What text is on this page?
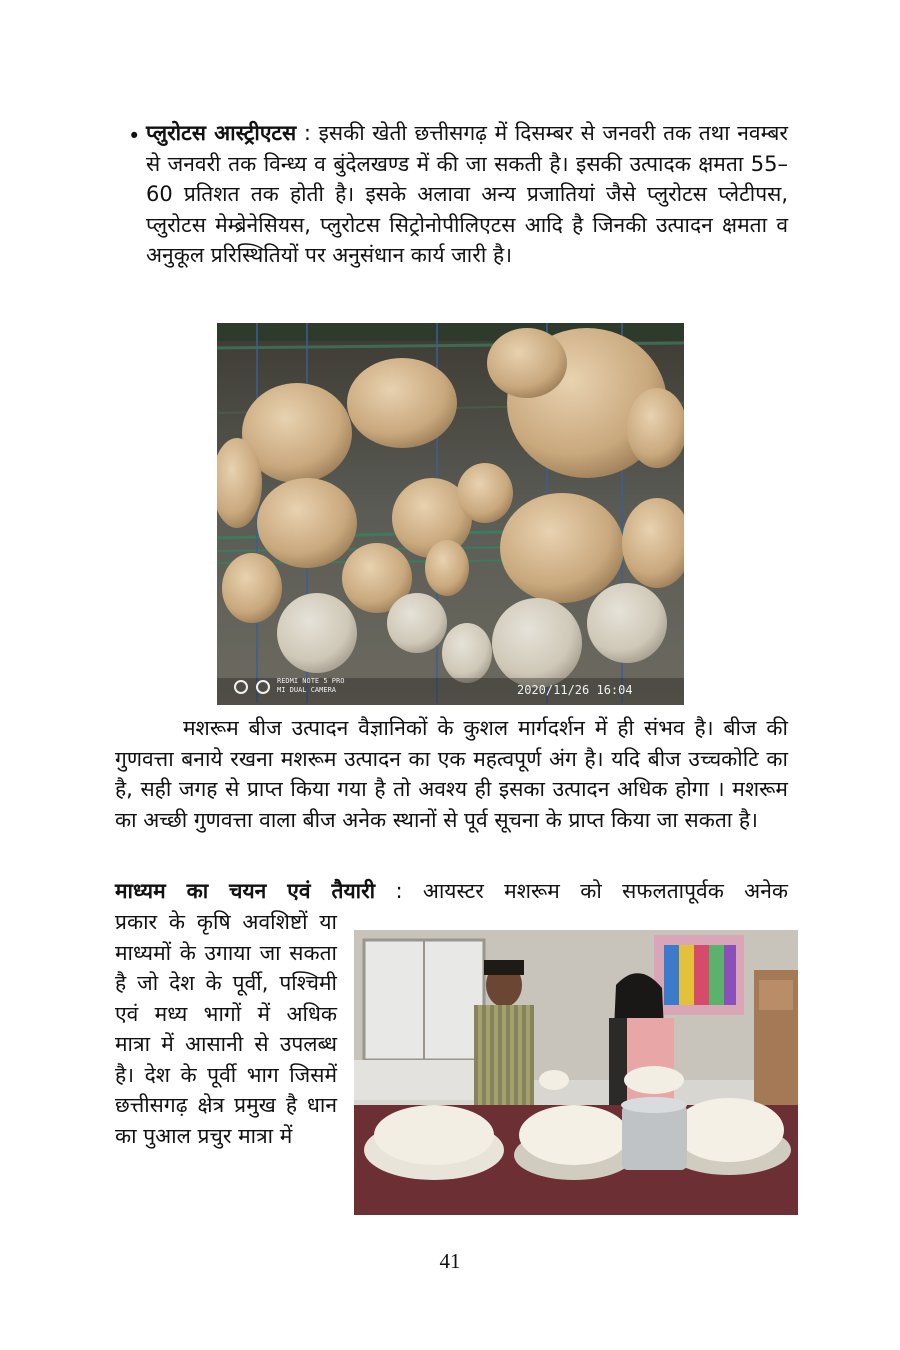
• प्लुरोटस आस्ट्रीएटस : इसकी खेती छत्तीसगढ़ में दिसम्बर से जनवरी तक तथा नवम्बर से जनवरी तक विन्ध्य व बुंदेलखण्ड में की जा सकती है। इसकी उत्पादक क्षमता 55–60 प्रतिशत तक होती है। इसके अलावा अन्य प्रजातियां जैसे प्लुरोटस प्लेटीपस, प्लुरोटस मेम्ब्रेनेसियस, प्लुरोटस सिट्रोनोपीलिएटस आदि है जिनकी उत्पादन क्षमता व अनुकूल प्ररिस्थितियों पर अनुसंधान कार्य जारी है।

REDMI NOTE 5 PRO
MI DUAL CAMERA	2020/11/26 16:04

मशरूम बीज उत्पादन वैज्ञानिकों के कुशल मार्गदर्शन में ही संभव है। बीज की गुणवत्ता बनाये रखना मशरूम उत्पादन का एक महत्वपूर्ण अंग है। यदि बीज उच्चकोटि का है, सही जगह से प्राप्त किया गया है तो अवश्य ही इसका उत्पादन अधिक होगा । मशरूम का अच्छी गुणवत्ता वाला बीज अनेक स्थानों से पूर्व सूचना के प्राप्त किया जा सकता है।

माध्यम का चयन एवं तैयारी : आयस्टर मशरूम को सफलतापूर्वक अनेक

प्रकार के कृषि अवशिष्टों या माध्यमों के उगाया जा सकता है जो देश के पूर्वी, पश्चिमी एवं मध्य भागों में अधिक मात्रा में आसानी से उपलब्ध है। देश के पूर्वी भाग जिसमें छत्तीसगढ़ क्षेत्र प्रमुख है धान का पुआल प्रचुर मात्रा में

41
